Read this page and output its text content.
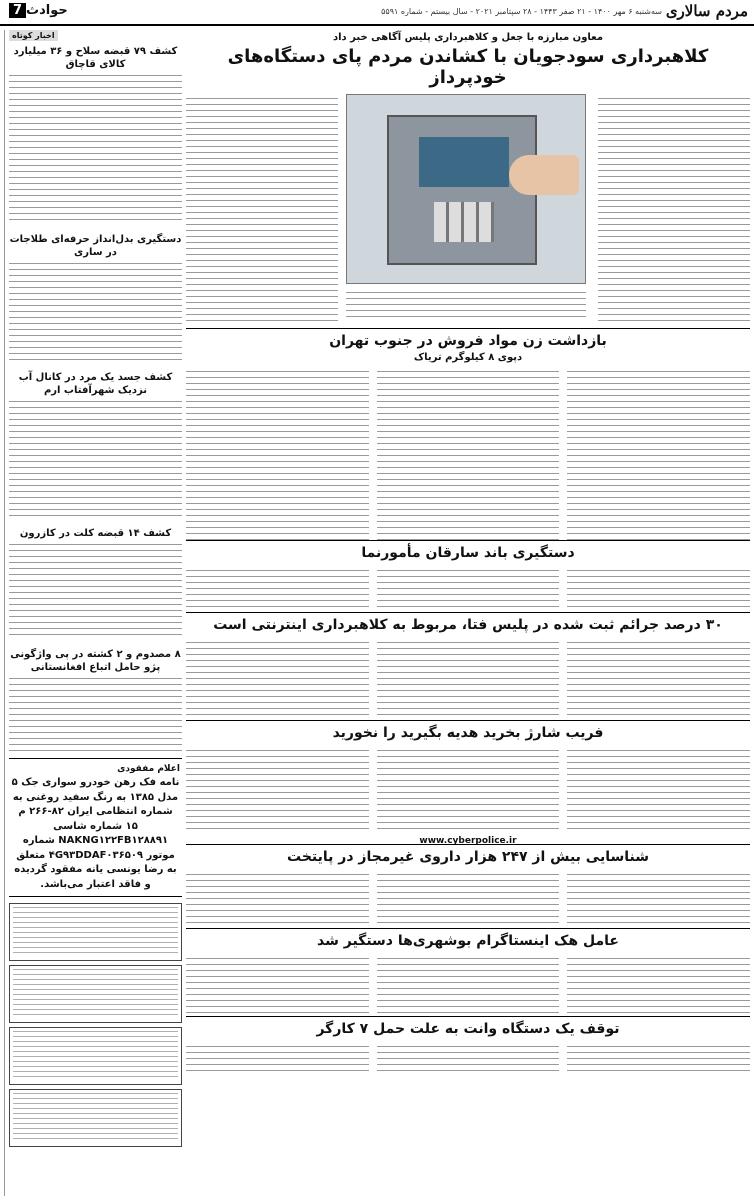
مردم سالاری
سه‌شنبه ۶ مهر ۱۴۰۰ - ۲۱ صفر ۱۴۴۳ - ۲۸ سپتامبر ۲۰۲۱ - سال بیستم - شماره ۵۵۹۱
حوادث7
اخبار کوتاه
کشف ۷۹ قبضه سلاح و ۳۶ میلیارد کالای قاچاق
دستگیری بدل‌انداز حرفه‌ای طلاجات در ساری
کشف جسد یک مرد در کانال آب نزدیک شهرآفتاب ارم
کشف ۱۴ قبضه کلت در کازرون
۸ مصدوم و ۲ کشته در پی واژگونی پژو حامل اتباع افغانستانی
اعلام مفقودی
نامه فک رهن خودرو سواری جک ۵ مدل ۱۳۸۵ به رنگ سفید روغنی به شماره انتظامی ایران ۸۲-۲۶۶ م ۱۵ شماره شاسی NAKNG۱۲۲FB۱۲۸۸۹۱ شماره موتور ۴G۹۳DDAF۰۳۶۵۰۹ متعلق به رضا یونسی یانه مفقود گردیده و فاقد اعتبار می‌باشد.
معاون مبارزه با جعل و کلاهبرداری پلیس آگاهی خبر داد
کلاهبرداری سودجویان با کشاندن مردم پای دستگاه‌های خودپرداز
بازداشت زن مواد فروش در جنوب تهران
دپوی ۸ کیلوگرم تریاک
دستگیری باند سارقان مأمورنما
۳۰ درصد جرائم ثبت شده در پلیس فتا، مربوط به کلاهبرداری اینترنتی است
فریب شارژ بخرید هدیه بگیرید را نخورید
www.cyberpolice.ir
شناسایی بیش از ۲۴۷ هزار داروی غیرمجاز در پایتخت
عامل هک اینستاگرام بوشهری‌ها دستگیر شد
توقف یک دستگاه وانت به علت حمل ۷ کارگر
